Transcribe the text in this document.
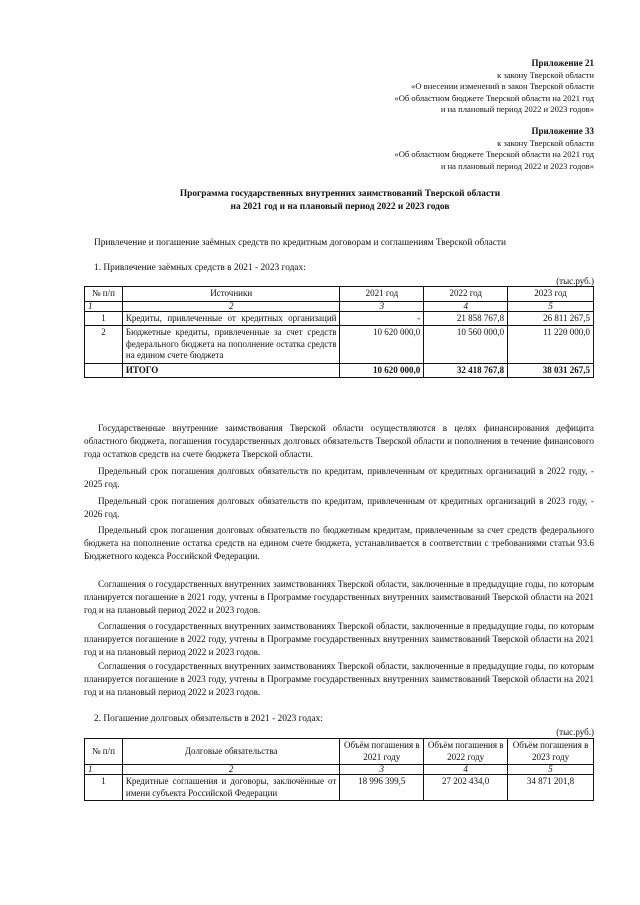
Приложение 21
к закону Тверской области
«О внесении изменений в закон Тверской области
«Об областном бюджете Тверской области на 2021 год
и на плановый период 2022 и 2023 годов»
Приложение 33
к закону Тверской области
«Об областном бюджете Тверской области на 2021 год
и на плановый период 2022 и 2023 годов»
Программа государственных внутренних заимствований Тверской области
на 2021 год и на плановый период 2022 и 2023 годов
Привлечение и погашение заёмных средств по кредитным договорам и соглашениям Тверской области
1. Привлечение заёмных средств в 2021 - 2023 годах:
(тыс.руб.)
№ п/п	Источники	2021 год	2022 год	2023 год
1	2	3	4	5
1	Кредиты, привлеченные от кредитных организаций	-	21 858 767,8	26 811 267,5
2	Бюджетные кредиты, привлеченные за счет средств федерального бюджета на пополнение остатка средств на едином счете бюджета	10 620 000,0	10 560 000,0	11 220 000,0
	ИТОГО	10 620 000,0	32 418 767,8	38 031 267,5

Государственные внутренние заимствования Тверской области осуществляются в целях финансирования дефицита областного бюджета, погашения государственных долговых обязательств Тверской области и пополнения в течение финансового года остатков средств на счете бюджета Тверской области.

Предельный срок погашения долговых обязательств по кредитам, привлеченным от кредитных организаций в 2022 году, - 2025 год.

Предельный срок погашения долговых обязательств по кредитам, привлеченным от кредитных организаций в 2023 году, - 2026 год.

Предельный срок погашения долговых обязательств по бюджетным кредитам, привлеченным за счет средств федерального бюджета на пополнение остатка средств на едином счете бюджета, устанавливается в соответствии с требованиями статьи 93.6 Бюджетного кодекса Российской Федерации.

Соглашения о государственных внутренних заимствованиях Тверской области, заключенные в предыдущие годы, по которым планируется погашение в 2021 году, учтены в Программе государственных внутренних заимствований Тверской области на 2021 год и на плановый период 2022 и 2023 годов.

Соглашения о государственных внутренних заимствованиях Тверской области, заключенные в предыдущие годы, по которым планируется погашение в 2022 году, учтены в Программе государственных внутренних заимствований Тверской области на 2021 год и на плановый период 2022 и 2023 годов.

Соглашения о государственных внутренних заимствованиях Тверской области, заключенные в предыдущие годы, по которым планируется погашение в 2023 году, учтены в Программе государственных внутренних заимствований Тверской области на 2021 год и на плановый период 2022 и 2023 годов.

2. Погашение долговых обязательств в 2021 - 2023 годах:
(тыс.руб.)
№ п/п	Долговые обязательства	Объём погашения в 2021 году	Объём погашения в 2022 году	Объём погашения в 2023 году
1	2	3	4	5
1	Кредитные соглашения и договоры, заключённые от имени субъекта Российской Федерации	18 996 399,5	27 202 434,0	34 871 201,8
